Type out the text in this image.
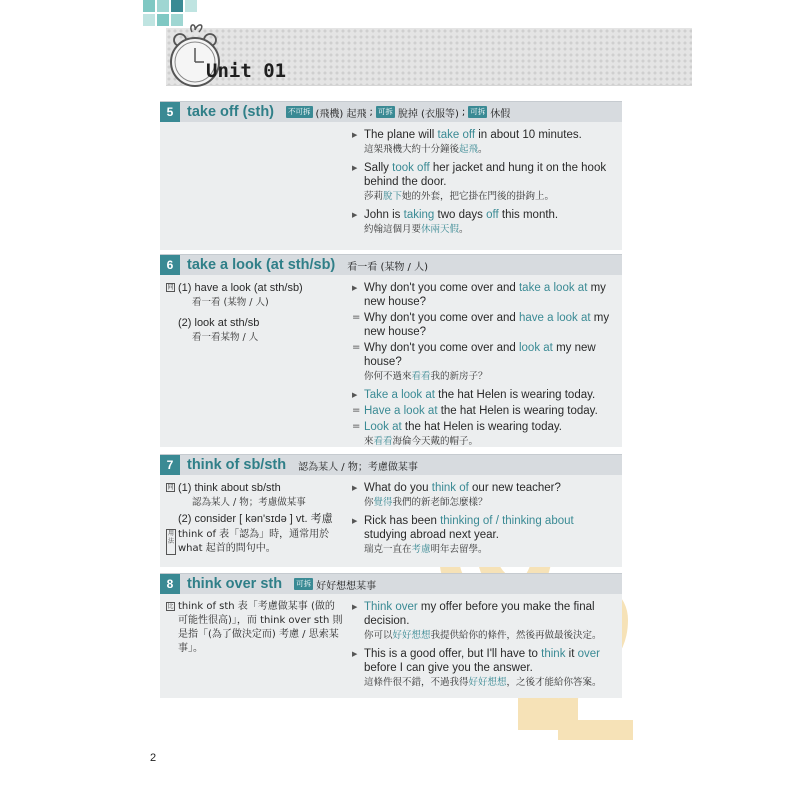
Unit 01
5 take off (sth) 不可拆 (飛機) 起飛 ; 可拆 脫掉 (衣服等) ; 可拆 休假
▶ The plane will take off in about 10 minutes.
這架飛機大約十分鐘後起飛。
▶ Sally took off her jacket and hung it on the hook behind the door.
莎莉脫下她的外套，把它掛在門後的掛鉤上。
▶ John is taking two days off this month.
約翰這個月要休兩天假。
6 take a look (at sth/sb) 看一看 (某物 / 人)
同 (1) have a look (at sth/sb)
看一看 (某物 / 人)
(2) look at sth/sb
看一看某物 / 人
▶ Why don't you come over and take a look at my new house?
= Why don't you come over and have a look at my new house?
= Why don't you come over and look at my new house?
你何不過來看看我的新房子？
▶ Take a look at the hat Helen is wearing today.
= Have a look at the hat Helen is wearing today.
= Look at the hat Helen is wearing today.
來看看海倫今天戴的帽子。
7 think of sb/sth 認為某人 / 物；考慮做某事
同 (1) think about sb/sth
認為某人 / 物；考慮做某事
(2) consider [ kən'sɪdə ] vt. 考慮
用
法
think of 表「認為」時，通常用於 what 起首的問句中。
▶ What do you think of our new teacher?
你覺得我們的新老師怎麼樣？
▶ Rick has been thinking of / thinking about studying abroad next year.
瑞克一直在考慮明年去留學。
8 think over sth 可拆 好好想想某事
比 think of sth 表「考慮做某事 (做的可能性很高)」，而 think over sth 則是指「(為了做決定而) 考慮 / 思索某事」。
▶ Think over my offer before you make the final decision.
你可以好好想想我提供給你的條件，然後再做最後決定。
▶ This is a good offer, but I'll have to think it over before I can give you the answer.
這條件很不錯，不過我得好好想想，之後才能給你答案。
2
